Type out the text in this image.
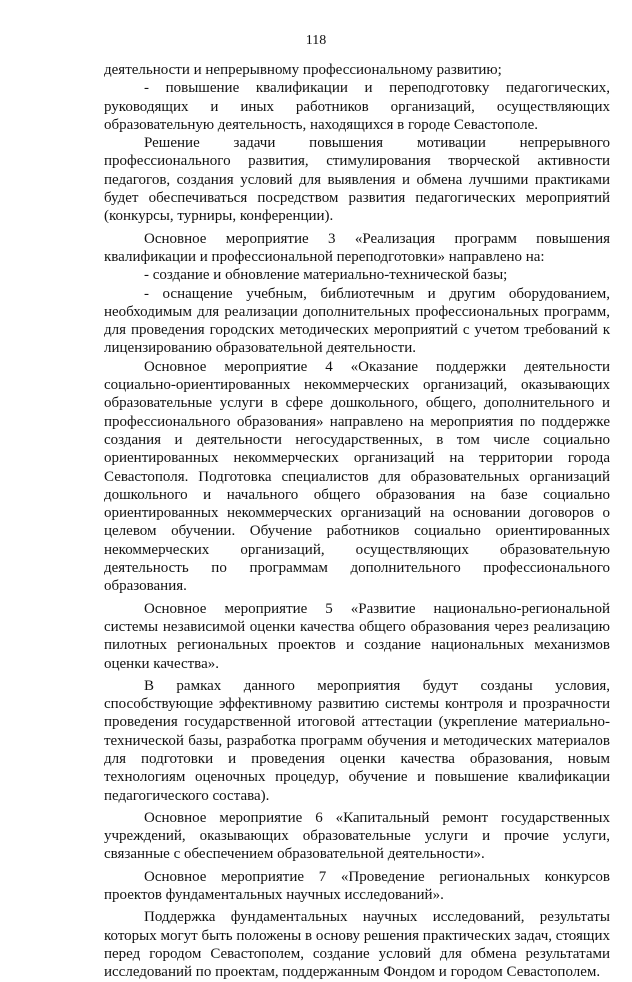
118

деятельности и непрерывному профессиональному развитию;

- повышение квалификации и переподготовку педагогических, руководящих и иных работников организаций, осуществляющих образовательную деятельность, находящихся в городе Севастополе.

Решение задачи повышения мотивации непрерывного профессионального развития, стимулирования творческой активности педагогов, создания условий для выявления и обмена лучшими практиками будет обеспечиваться посредством развития педагогических мероприятий (конкурсы, турниры, конференции).

Основное мероприятие 3 «Реализация программ повышения квалификации и профессиональной переподготовки» направлено на:

- создание и обновление материально-технической базы;

- оснащение учебным, библиотечным и другим оборудованием, необходимым для реализации дополнительных профессиональных программ, для проведения городских методических мероприятий с учетом требований к лицензированию образовательной деятельности.

Основное мероприятие 4 «Оказание поддержки деятельности социально-ориентированных некоммерческих организаций, оказывающих образовательные услуги в сфере дошкольного, общего, дополнительного и профессионального образования» направлено на мероприятия по поддержке создания и деятельности негосударственных, в том числе социально ориентированных некоммерческих организаций на территории города Севастополя. Подготовка специалистов для образовательных организаций дошкольного и начального общего образования на базе социально ориентированных некоммерческих организаций на основании договоров о целевом обучении. Обучение работников социально ориентированных некоммерческих организаций, осуществляющих образовательную деятельность по программам дополнительного профессионального образования.

Основное мероприятие 5 «Развитие национально-региональной системы независимой оценки качества общего образования через реализацию пилотных региональных проектов и создание национальных механизмов оценки качества».

В рамках данного мероприятия будут созданы условия, способствующие эффективному развитию системы контроля и прозрачности проведения государственной итоговой аттестации (укрепление материально-технической базы, разработка программ обучения и методических материалов для подготовки и проведения оценки качества образования, новым технологиям оценочных процедур, обучение и повышение квалификации педагогического состава).

Основное мероприятие 6 «Капитальный ремонт государственных учреждений, оказывающих образовательные услуги и прочие услуги, связанные с обеспечением образовательной деятельности».

Основное мероприятие 7 «Проведение региональных конкурсов проектов фундаментальных научных исследований».

Поддержка фундаментальных научных исследований, результаты которых могут быть положены в основу решения практических задач, стоящих перед городом Севастополем, создание условий для обмена результатами исследований по проектам, поддержанным Фондом и городом Севастополем.
